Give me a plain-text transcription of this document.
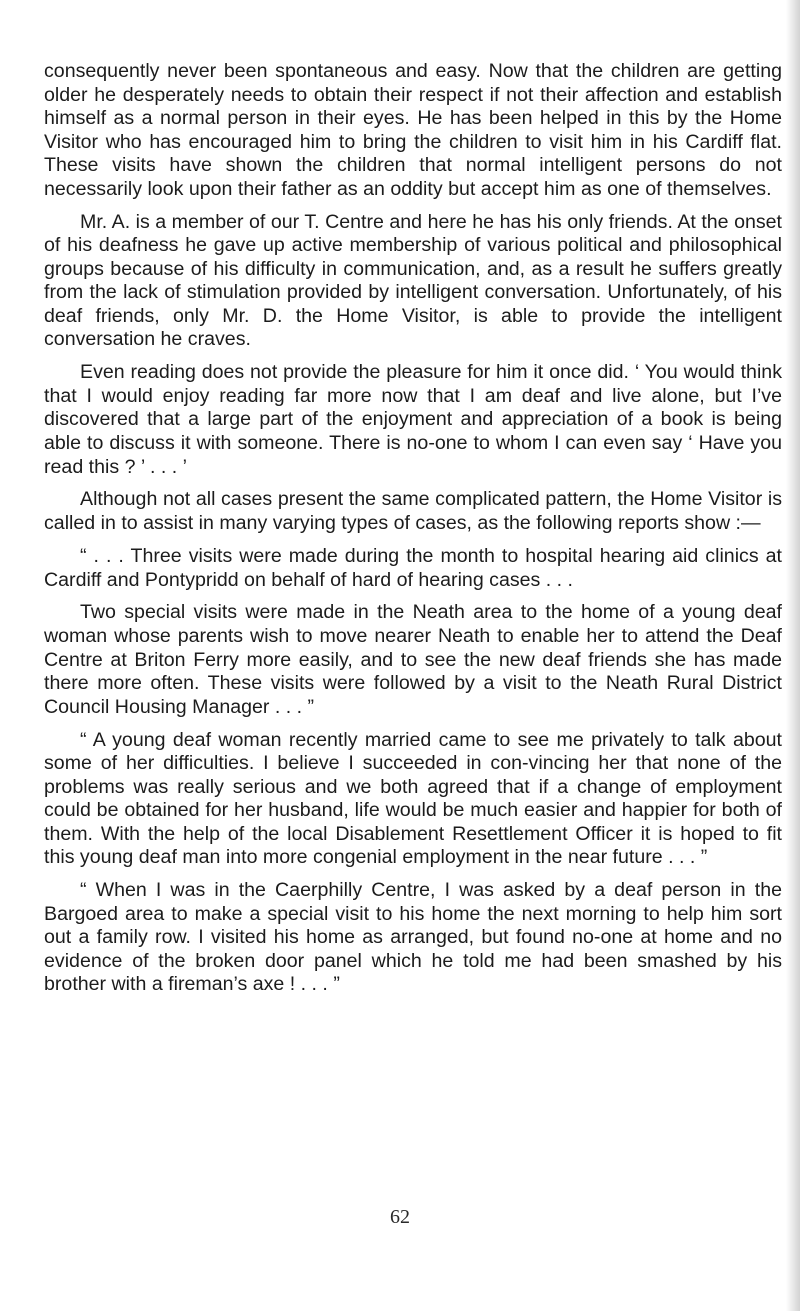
consequently never been spontaneous and easy. Now that the children are getting older he desperately needs to obtain their respect if not their affection and establish himself as a normal person in their eyes. He has been helped in this by the Home Visitor who has encouraged him to bring the children to visit him in his Cardiff flat. These visits have shown the children that normal intelligent persons do not necessarily look upon their father as an oddity but accept him as one of themselves.

Mr. A. is a member of our T. Centre and here he has his only friends. At the onset of his deafness he gave up active membership of various political and philosophical groups because of his difficulty in communication, and, as a result he suffers greatly from the lack of stimulation provided by intelligent conversation. Unfortunately, of his deaf friends, only Mr. D. the Home Visitor, is able to provide the intelligent conversation he craves.

Even reading does not provide the pleasure for him it once did. ‘ You would think that I would enjoy reading far more now that I am deaf and live alone, but I’ve discovered that a large part of the enjoyment and appreciation of a book is being able to discuss it with someone. There is no-one to whom I can even say ‘ Have you read this ? ’ . . . ’

Although not all cases present the same complicated pattern, the Home Visitor is called in to assist in many varying types of cases, as the following reports show :—

“ . . . Three visits were made during the month to hospital hearing aid clinics at Cardiff and Pontypridd on behalf of hard of hearing cases . . .

Two special visits were made in the Neath area to the home of a young deaf woman whose parents wish to move nearer Neath to enable her to attend the Deaf Centre at Briton Ferry more easily, and to see the new deaf friends she has made there more often. These visits were followed by a visit to the Neath Rural District Council Housing Manager . . . ”

“ A young deaf woman recently married came to see me privately to talk about some of her difficulties. I believe I succeeded in con-vincing her that none of the problems was really serious and we both agreed that if a change of employment could be obtained for her husband, life would be much easier and happier for both of them. With the help of the local Disablement Resettlement Officer it is hoped to fit this young deaf man into more congenial employment in the near future . . . ”

“ When I was in the Caerphilly Centre, I was asked by a deaf person in the Bargoed area to make a special visit to his home the next morning to help him sort out a family row. I visited his home as arranged, but found no-one at home and no evidence of the broken door panel which he told me had been smashed by his brother with a fireman’s axe ! . . . ”

62
